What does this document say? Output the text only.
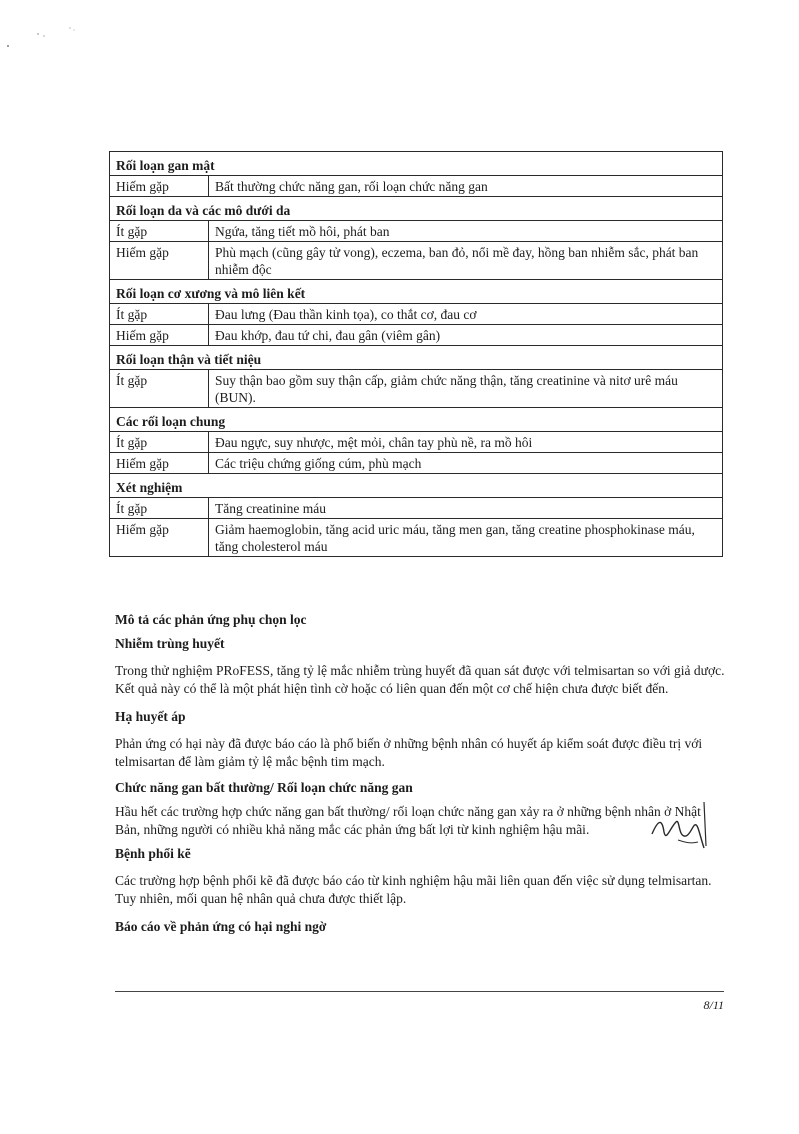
Rối loạn gan mật	
Hiếm gặp	Bất thường chức năng gan, rối loạn chức năng gan
Rối loạn da và các mô dưới da	
Ít gặp	Ngứa, tăng tiết mồ hôi, phát ban
Hiếm gặp	Phù mạch (cũng gây tử vong), eczema, ban đỏ, nổi mề đay, hồng ban nhiễm sắc, phát ban nhiễm độc
Rối loạn cơ xương và mô liên kết	
Ít gặp	Đau lưng (Đau thần kinh tọa), co thắt cơ, đau cơ
Hiếm gặp	Đau khớp, đau tứ chi, đau gân (viêm gân)
Rối loạn thận và tiết niệu	
Ít gặp	Suy thận bao gồm suy thận cấp, giảm chức năng thận, tăng creatinine và nitơ urê máu (BUN).
Các rối loạn chung	
Ít gặp	Đau ngực, suy nhược, mệt mỏi, chân tay phù nề, ra mồ hôi
Hiếm gặp	Các triệu chứng giống cúm, phù mạch
Xét nghiệm	
Ít gặp	Tăng creatinine máu
Hiếm gặp	Giảm haemoglobin, tăng acid uric máu, tăng men gan, tăng creatine phosphokinase máu, tăng cholesterol máu
Mô tả các phản ứng phụ chọn lọc
Nhiễm trùng huyết

Trong thử nghiệm PRoFESS, tăng tỷ lệ mắc nhiễm trùng huyết đã quan sát được với telmisartan so với giả dược. Kết quả này có thể là một phát hiện tình cờ hoặc có liên quan đến một cơ chế hiện chưa được biết đến.

Hạ huyết áp

Phản ứng có hại này đã được báo cáo là phổ biến ở những bệnh nhân có huyết áp kiểm soát được điều trị với telmisartan để làm giảm tỷ lệ mắc bệnh tim mạch.

Chức năng gan bất thường/ Rối loạn chức năng gan

Hầu hết các trường hợp chức năng gan bất thường/ rối loạn chức năng gan xảy ra ở những bệnh nhân ở Nhật Bản, những người có nhiều khả năng mắc các phản ứng bất lợi từ kinh nghiệm hậu mãi.

Bệnh phổi kẽ

Các trường hợp bệnh phổi kẽ đã được báo cáo từ kinh nghiệm hậu mãi liên quan đến việc sử dụng telmisartan. Tuy nhiên, mối quan hệ nhân quả chưa được thiết lập.

Báo cáo về phản ứng có hại nghi ngờ
8/11
